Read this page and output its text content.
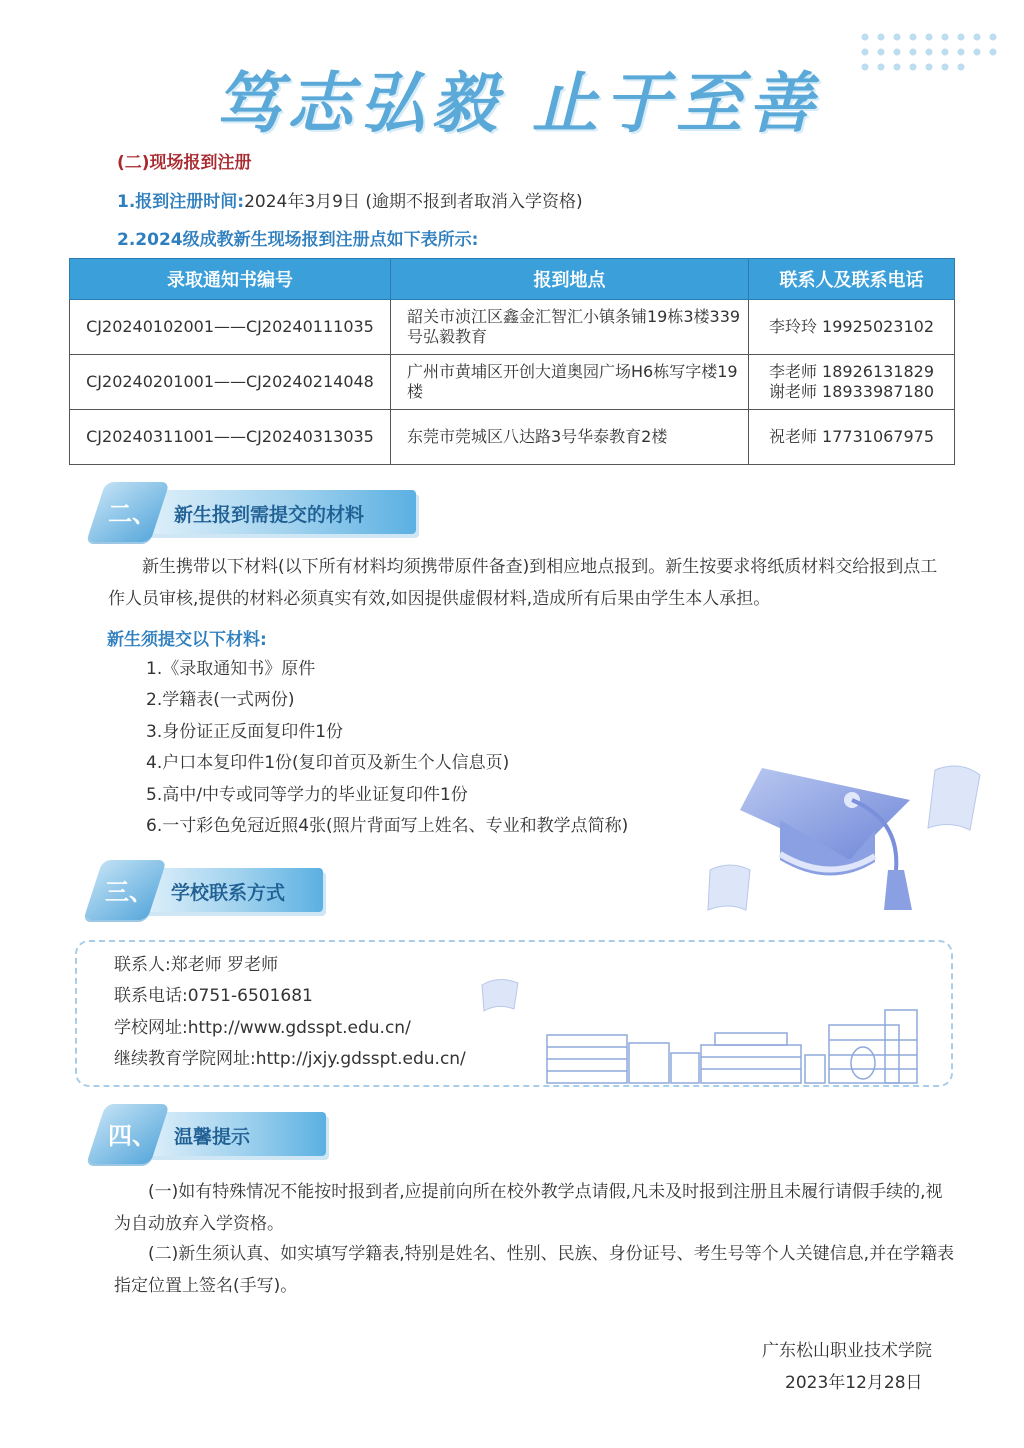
笃志弘毅 止于至善
(二)现场报到注册
1.报到注册时间:2024年3月9日 (逾期不报到者取消入学资格)
2.2024级成教新生现场报到注册点如下表所示:
录取通知书编号	报到地点	联系人及联系电话
CJ20240102001——CJ20240111035	韶关市浈江区鑫金汇智汇小镇条铺19栋3楼339号弘毅教育	李玲玲 19925023102

CJ20240201001——CJ20240214048	广州市黄埔区开创大道奥园广场H6栋写字楼19楼	李老师 18926131829
谢老师 18933987180

CJ20240311001——CJ20240313035	东莞市莞城区八达路3号华泰教育2楼	祝老师 17731067975
二、 新生报到需提交的材料

新生携带以下材料(以下所有材料均须携带原件备查)到相应地点报到。新生按要求将纸质材料交给报到点工作人员审核,提供的材料必须真实有效,如因提供虚假材料,造成所有后果由学生本人承担。

新生须提交以下材料:
1.《录取通知书》原件
2.学籍表(一式两份)
3.身份证正反面复印件1份
4.户口本复印件1份(复印首页及新生个人信息页)
5.高中/中专或同等学力的毕业证复印件1份
6.一寸彩色免冠近照4张(照片背面写上姓名、专业和教学点简称)
三、 学校联系方式
联系人:郑老师 罗老师
联系电话:0751-6501681
学校网址:http://www.gdsspt.edu.cn/
继续教育学院网址:http://jxjy.gdsspt.edu.cn/
四、 温馨提示

(一)如有特殊情况不能按时报到者,应提前向所在校外教学点请假,凡未及时报到注册且未履行请假手续的,视为自动放弃入学资格。

(二)新生须认真、如实填写学籍表,特别是姓名、性别、民族、身份证号、考生号等个人关键信息,并在学籍表指定位置上签名(手写)。

广东松山职业技术学院
2023年12月28日
